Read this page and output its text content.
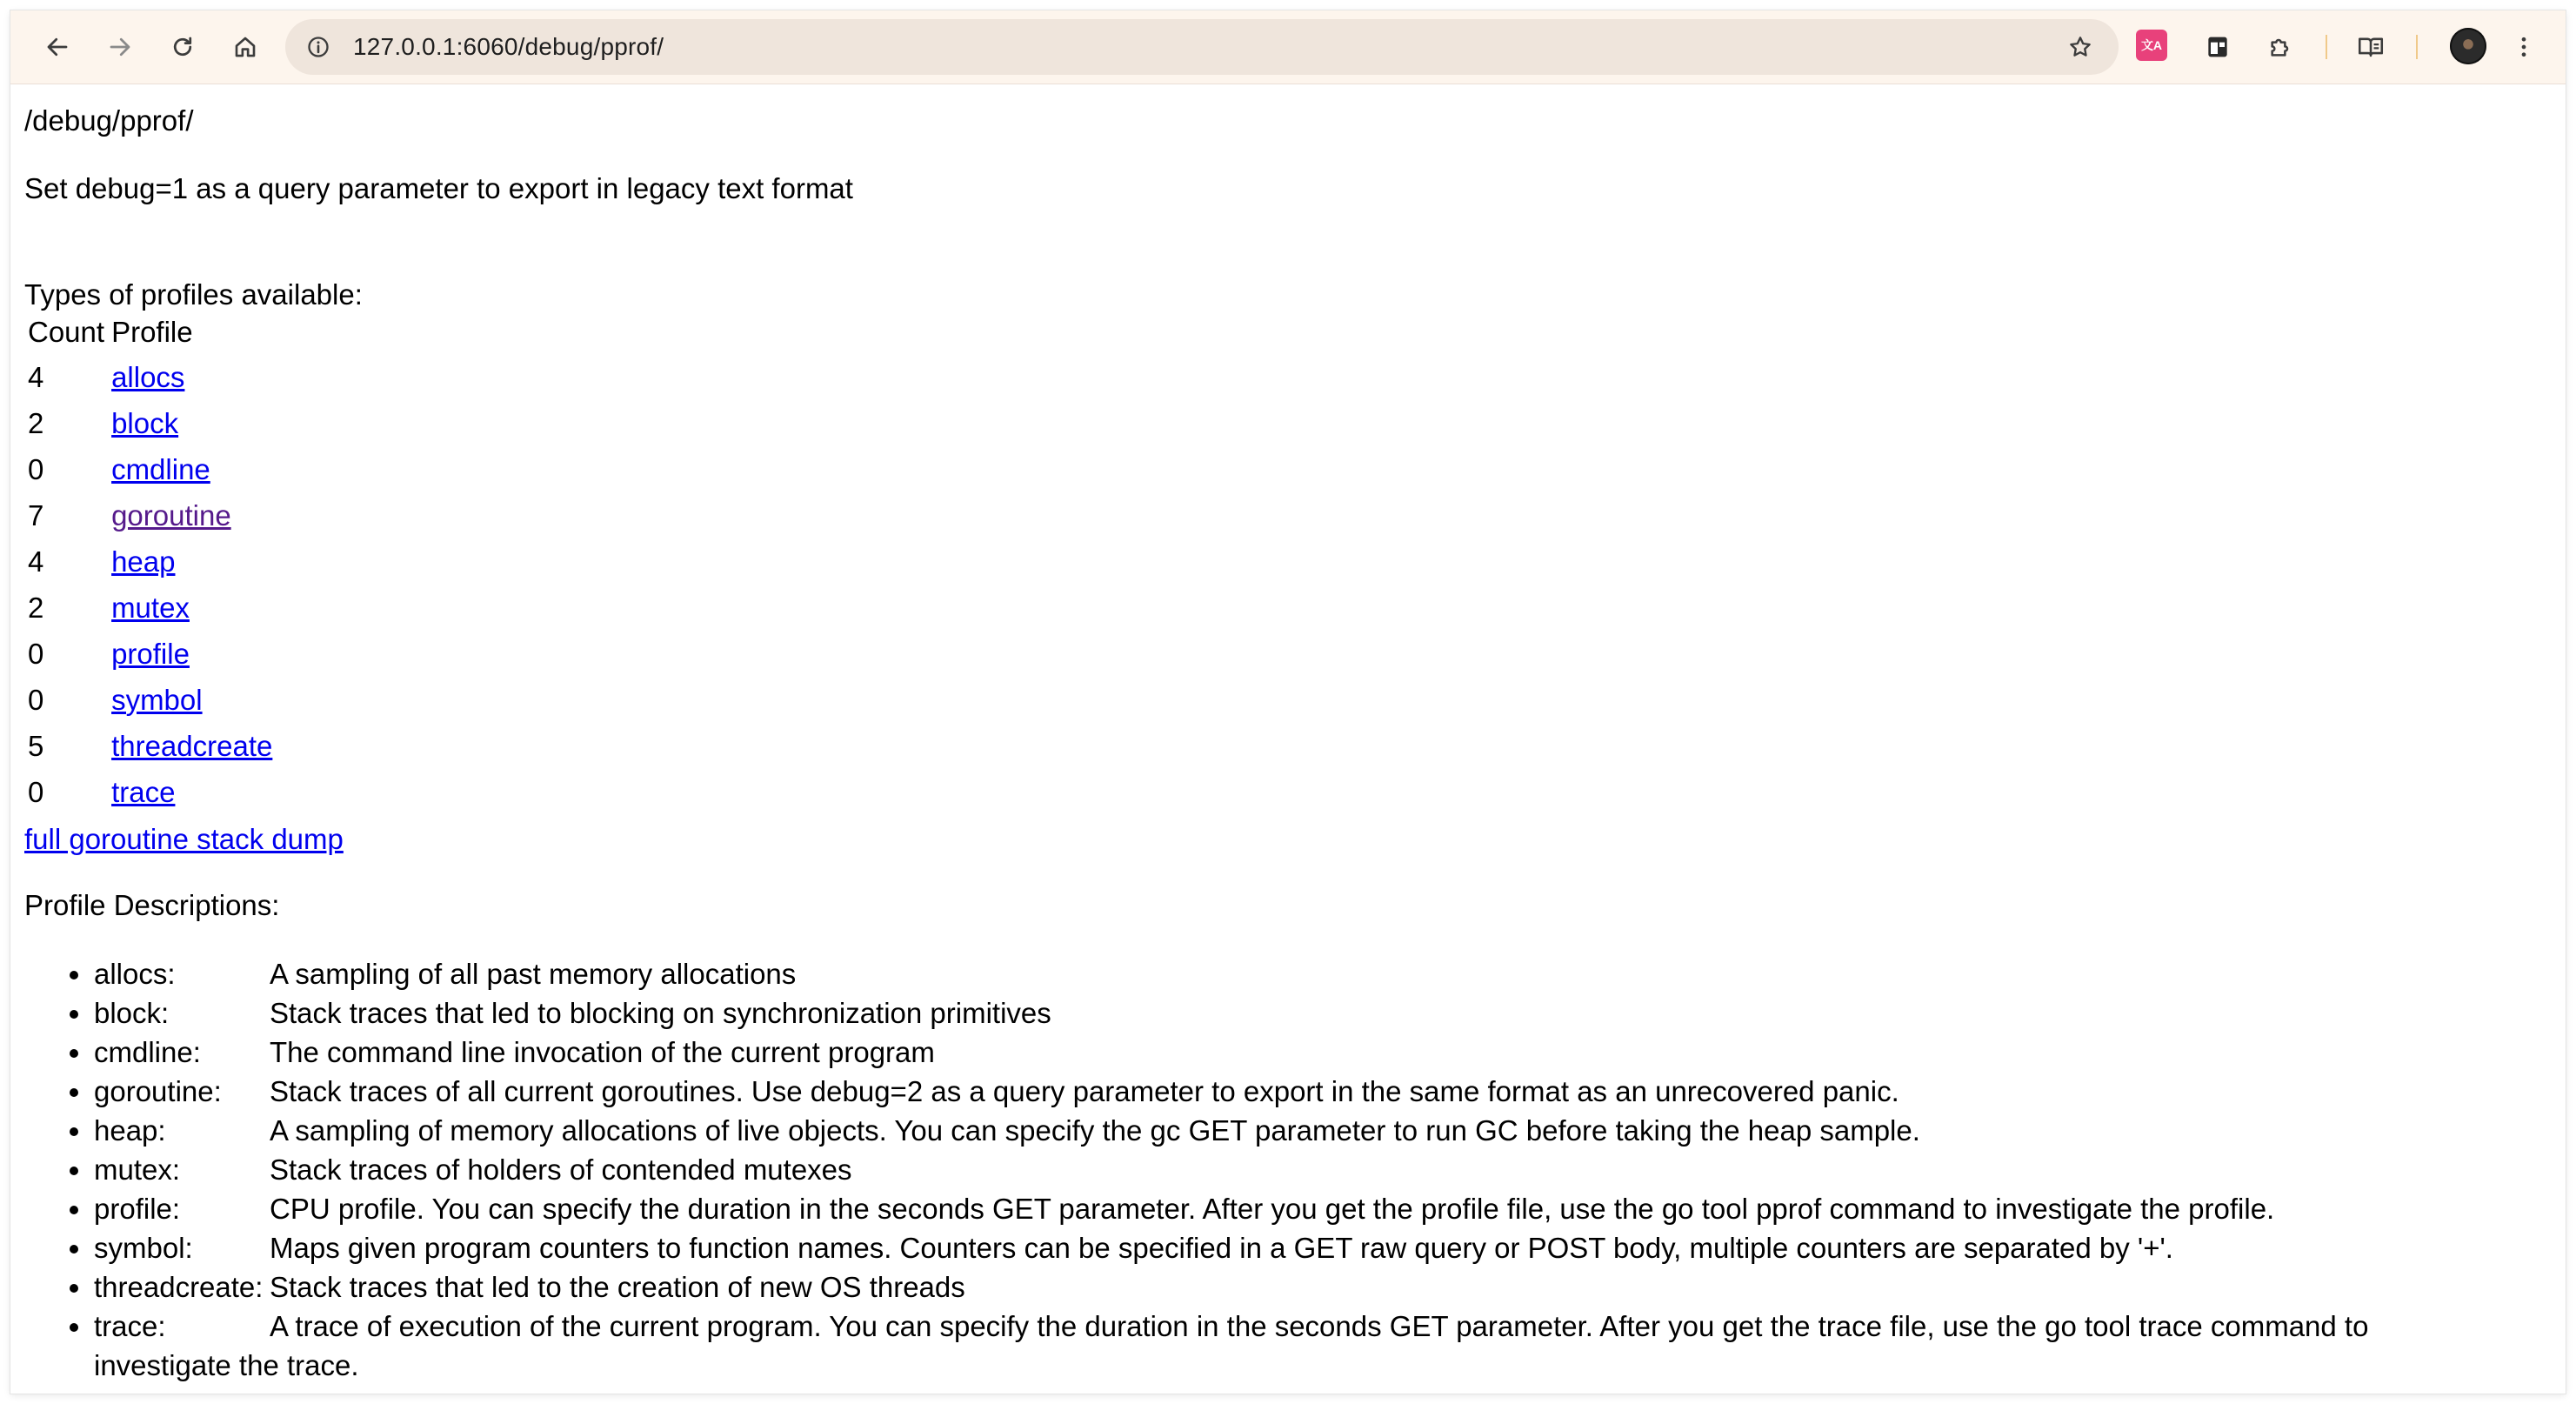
127.0.0.1:6060/debug/pprof/	文A
/debug/pprof/
Set debug=1 as a query parameter to export in legacy text format
Types of profiles available:
Count	Profile
4	allocs
2	block
0	cmdline
7	goroutine
4	heap
2	mutex
0	profile
0	symbol
5	threadcreate
0	trace
full goroutine stack dump
Profile Descriptions:
allocs:	A sampling of all past memory allocations
block:	Stack traces that led to blocking on synchronization primitives
cmdline:	The command line invocation of the current program
goroutine:	Stack traces of all current goroutines. Use debug=2 as a query parameter to export in the same format as an unrecovered panic.
heap:	A sampling of memory allocations of live objects. You can specify the gc GET parameter to run GC before taking the heap sample.
mutex:	Stack traces of holders of contended mutexes
profile:	CPU profile. You can specify the duration in the seconds GET parameter. After you get the profile file, use the go tool pprof command to investigate the profile.
symbol:	Maps given program counters to function names. Counters can be specified in a GET raw query or POST body, multiple counters are separated by '+'.
threadcreate: Stack traces that led to the creation of new OS threads
trace:	A trace of execution of the current program. You can specify the duration in the seconds GET parameter. After you get the trace file, use the go tool trace command to
investigate the trace.
